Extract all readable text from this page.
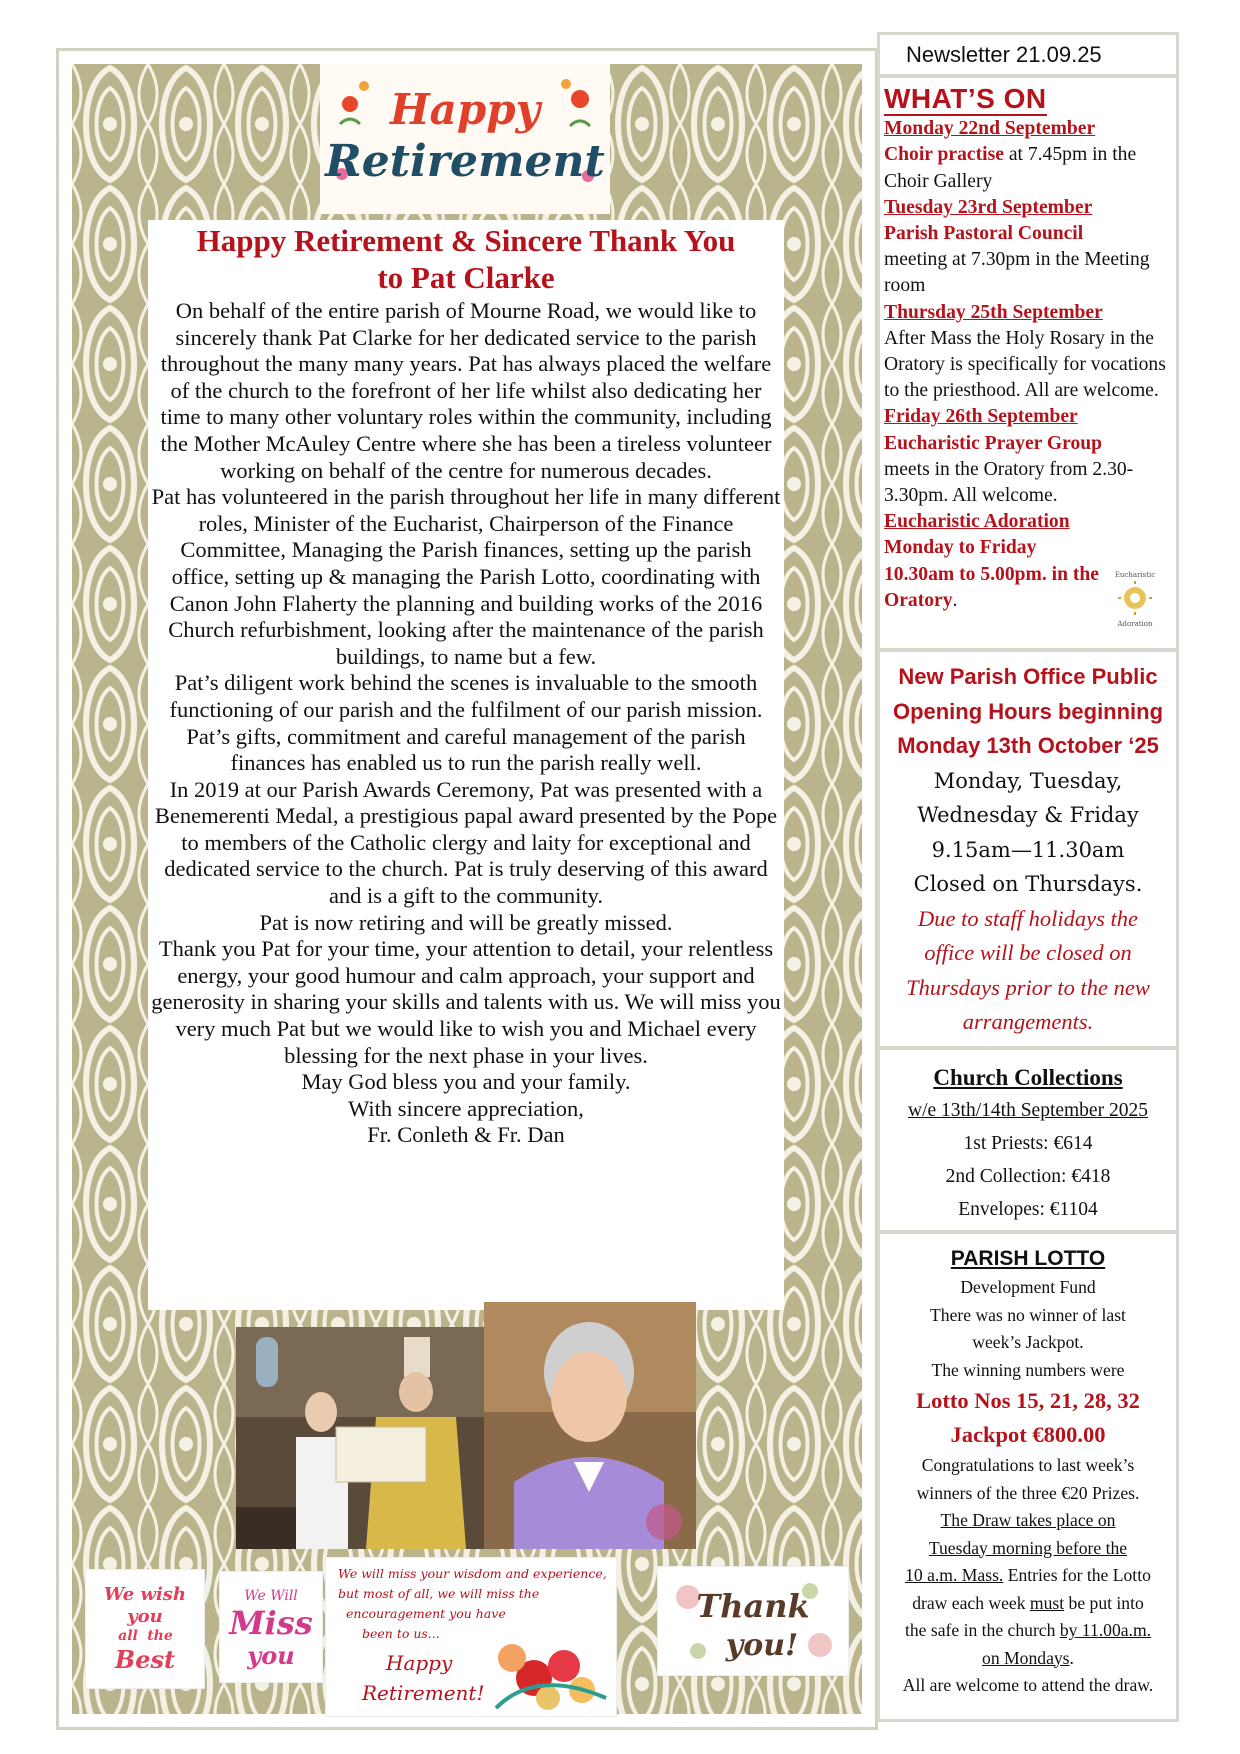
Happy
Retirement
Happy Retirement & Sincere Thank You
to Pat Clarke

On behalf of the entire parish of Mourne Road, we would like to sincerely thank Pat Clarke for her dedicated service to the parish throughout the many many years. Pat has always placed the welfare of the church to the forefront of her life whilst also dedicating her time to many other voluntary roles within the community, including the Mother McAuley Centre where she has been a tireless volunteer working on behalf of the centre for numerous decades.

Pat has volunteered in the parish throughout her life in many different roles, Minister of the Eucharist, Chairperson of the Finance Committee, Managing the Parish finances, setting up the parish office, setting up & managing the Parish Lotto, coordinating with Canon John Flaherty the planning and building works of the 2016 Church refurbishment, looking after the maintenance of the parish buildings, to name but a few.

Pat’s diligent work behind the scenes is invaluable to the smooth functioning of our parish and the fulfilment of our parish mission. Pat’s gifts, commitment and careful management of the parish finances has enabled us to run the parish really well.

In 2019 at our Parish Awards Ceremony, Pat was presented with a Benemerenti Medal, a prestigious papal award presented by the Pope to members of the Catholic clergy and laity for exceptional and dedicated service to the church. Pat is truly deserving of this award and is a gift to the community.

Pat is now retiring and will be greatly missed.

Thank you Pat for your time, your attention to detail, your relentless energy, your good humour and calm approach, your support and generosity in sharing your skills and talents with us. We will miss you very much Pat but we would like to wish you and Michael every blessing for the next phase in your lives.

May God bless you and your family.

With sincere appreciation,

Fr. Conleth & Fr. Dan

We wish
you
all the
Best
We Will
Miss
you
We will miss your wisdom and experience,
but most of all, we will miss the
encouragement you have
been to us...
Happy
Retirement!
Thank
you!
Newsletter 21.09.25
WHAT’S ON
Monday 22nd September
Choir practise at 7.45pm in the Choir Gallery
Tuesday 23rd September
Parish Pastoral Council
meeting at 7.30pm in the Meeting room
Thursday 25th September
After Mass the Holy Rosary in the Oratory is specifically for vocations to the priesthood. All are welcome.
Friday 26th September
Eucharistic Prayer Group
meets in the Oratory from 2.30-3.30pm. All welcome.
Eucharistic Adoration
Monday to Friday
10.30am to 5.00pm. in the Oratory.
Eucharistic
Adoration
New Parish Office Public
Opening Hours beginning
Monday 13th October ‘25
Monday, Tuesday,
Wednesday & Friday
9.15am—11.30am
Closed on Thursdays.
Due to staff holidays the
office will be closed on
Thursdays prior to the new
arrangements.
Church Collections
w/e 13th/14th September 2025
1st Priests: €614
2nd Collection: €418
Envelopes: €1104
PARISH LOTTO
Development Fund
There was no winner of last
week’s Jackpot.
The winning numbers were
Lotto Nos 15, 21, 28, 32
Jackpot €800.00
Congratulations to last week’s
winners of the three €20 Prizes.
The Draw takes place on
Tuesday morning before the
10 a.m. Mass. Entries for the Lotto
draw each week must be put into
the safe in the church by 11.00a.m.
on Mondays.
All are welcome to attend the draw.
